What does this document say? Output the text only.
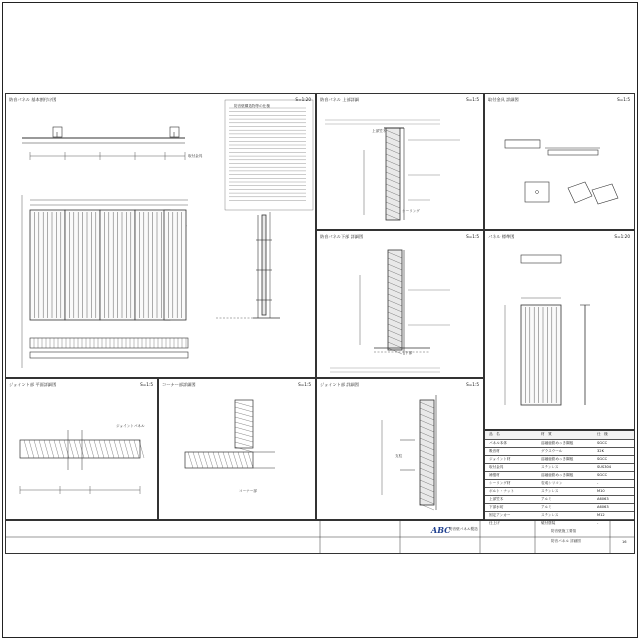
防音パネル 基本割付け図	S=1:20
防音壁構造物等の仕様
取付金具
防音パネル 上部詳細	S=1:5
上部笠木
シーリング
取付金具 詳細図	S=1:5
防音パネル下部 詳細図	S=1:5
下部
パネル 標準図	S=1:20
ジョイント部 平面詳細図	S=1:5
ジョイントパネル
コーナー部詳細図	S=1:5
コーナー部
ジョイント部 詳細図	S=1:5
支柱
品　名	材　質	仕　様
パネル本体	溶融亜鉛めっき鋼板	SGCC
吸音材	グラスウール	32K
ジョイント材	溶融亜鉛めっき鋼板	SGCC
取付金具	ステンレス	SUS304
補強材	溶融亜鉛めっき鋼板	SGCC
シーリング材	変成シリコン	-
ボルト・ナット	ステンレス	M10
上部笠木	アルミ	A6063
下部水切	アルミ	A6063
固定アンカー	ステンレス	M12
仕上げ	焼付塗装	-
ABC
防音壁パネル製造	防音壁施工要領
防音パネル 詳細図	16
